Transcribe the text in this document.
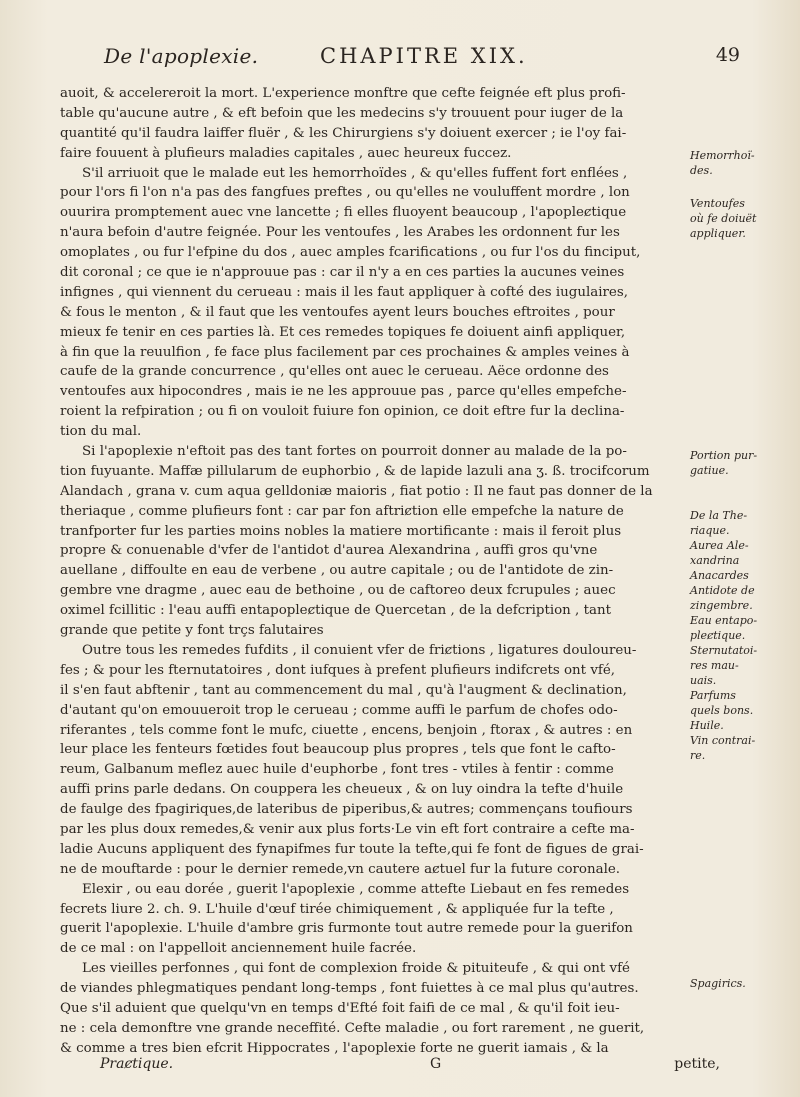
De l'apoplexie.	CHAPITRE XIX.	49
auoit, & accelereroit la mort. L'experience monftre que cefte feignée eft plus profi-
table qu'aucune autre , & eft befoin que les medecins s'y trouuent pour iuger de la
quantité qu'il faudra laiffer fluër , & les Chirurgiens s'y doiuent exercer ; ie l'oy fai-
faire fouuent à plufieurs maladies capitales , auec heureux fuccez.
S'il arriuoit que le malade eut les hemorrhoïdes , & qu'elles fuffent fort enflées ,
pour l'ors fi l'on n'a pas des fangfues preftes , ou qu'elles ne vouluffent mordre , lon
ouurira promptement auec vne lancette ; fi elles fluoyent beaucoup , l'apopleȼtique
n'aura befoin d'autre feignée. Pour les ventoufes , les Arabes les ordonnent fur les
omoplates , ou fur l'efpine du dos , auec amples fcarifications , ou fur l'os du finciput,
dit coronal ; ce que ie n'approuue pas : car il n'y a en ces parties la aucunes veines
infignes , qui viennent du cerueau : mais il les faut appliquer à cofté des iugulaires,
& fous le menton , & il faut que les ventoufes ayent leurs bouches eftroites , pour
mieux fe tenir en ces parties là. Et ces remedes topiques fe doiuent ainfi appliquer,
à fin que la reuulfion , fe face plus facilement par ces prochaines & amples veines à
caufe de la grande concurrence , qu'elles ont auec le cerueau. Aëce ordonne des
ventoufes aux hipocondres , mais ie ne les approuue pas , parce qu'elles empefche-
roient la refpiration ; ou fi on vouloit fuiure fon opinion, ce doit eftre fur la declina-
tion du mal.
Si l'apoplexie n'eftoit pas des tant fortes on pourroit donner au malade de la po-
tion fuyuante. Maffæ pillularum de euphorbio , & de lapide lazuli ana ʒ. ß. trocifcorum
Alandach , grana v. cum aqua gelldoniæ maioris , fiat potio : Il ne faut pas donner de la
theriaque , comme plufieurs font : car par fon aftriȼtion elle empefche la nature de
tranfporter fur les parties moins nobles la matiere mortificante : mais il feroit plus
propre & conuenable d'vfer de l'antidot d'aurea Alexandrina , auffi gros qu'vne
auellane , diffoulte en eau de verbene , ou autre capitale ; ou de l'antidote de zin-
gembre vne dragme , auec eau de bethoine , ou de caftoreo deux fcrupules ; auec
oximel fcillitic : l'eau auffi entapopleȼtique de Quercetan , de la defcription , tant
grande que petite y font trçs falutaires
Outre tous les remedes fufdits , il conuient vfer de friȼtions , ligatures douloureu-
fes ; & pour les fternutatoires , dont iufques à prefent plufieurs indifcrets ont vfé,
il s'en faut abftenir , tant au commencement du mal , qu'à l'augment & declination,
d'autant qu'on emouueroit trop le cerueau ; comme auffi le parfum de chofes odo-
riferantes , tels comme font le mufc, ciuette , encens, benjoin , ftorax , & autres : en
leur place les fenteurs fœtides fout beaucoup plus propres , tels que font le cafto-
reum, Galbanum meflez auec huile d'euphorbe , font tres - vtiles à fentir : comme
auffi prins parle dedans. On couppera les cheueux , & on luy oindra la tefte d'huile
de faulge des fpagiriques,de lateribus de piperibus,& autres; commençans toufiours
par les plus doux remedes,& venir aux plus forts·Le vin eft fort contraire a cefte ma-
ladie Aucuns appliquent des fynapifmes fur toute la tefte,qui fe font de figues de grai-
ne de mouftarde : pour le dernier remede,vn cautere aȼtuel fur la future coronale.
Elexir , ou eau dorée , guerit l'apoplexie , comme attefte Liebaut en fes remedes
fecrets liure 2. ch. 9. L'huile d'œuf tirée chimiquement , & appliquée fur la tefte ,
guerit l'apoplexie. L'huile d'ambre gris furmonte tout autre remede pour la guerifon
de ce mal : on l'appelloit anciennement huile facrée.
Les vieilles perfonnes , qui font de complexion froide & pituiteufe , & qui ont vfé
de viandes phlegmatiques pendant long-temps , font fuiettes à ce mal plus qu'autres.
Que s'il aduient que quelqu'vn en temps d'Efté foit faifi de ce mal , & qu'il foit ieu-
ne : cela demonftre vne grande neceffité. Cefte maladie , ou fort rarement , ne guerit,
& comme a tres bien efcrit Hippocrates , l'apoplexie forte ne guerit iamais , & la
Hemorrhoï-
des.
Ventoufes
où fe doiuët
appliquer.
Portion pur-
gatiue.
De la The-
riaque.
Aurea Ale-
xandrina
Anacardes
Antidote de
zingembre.
Eau entapo-
pleȼtique.
Sternutatoi-
res mau-
uais.
Parfums
quels bons.
Huile.
Vin contrai-
re.
Spagirics.
Praȼtique.	G	petite,
